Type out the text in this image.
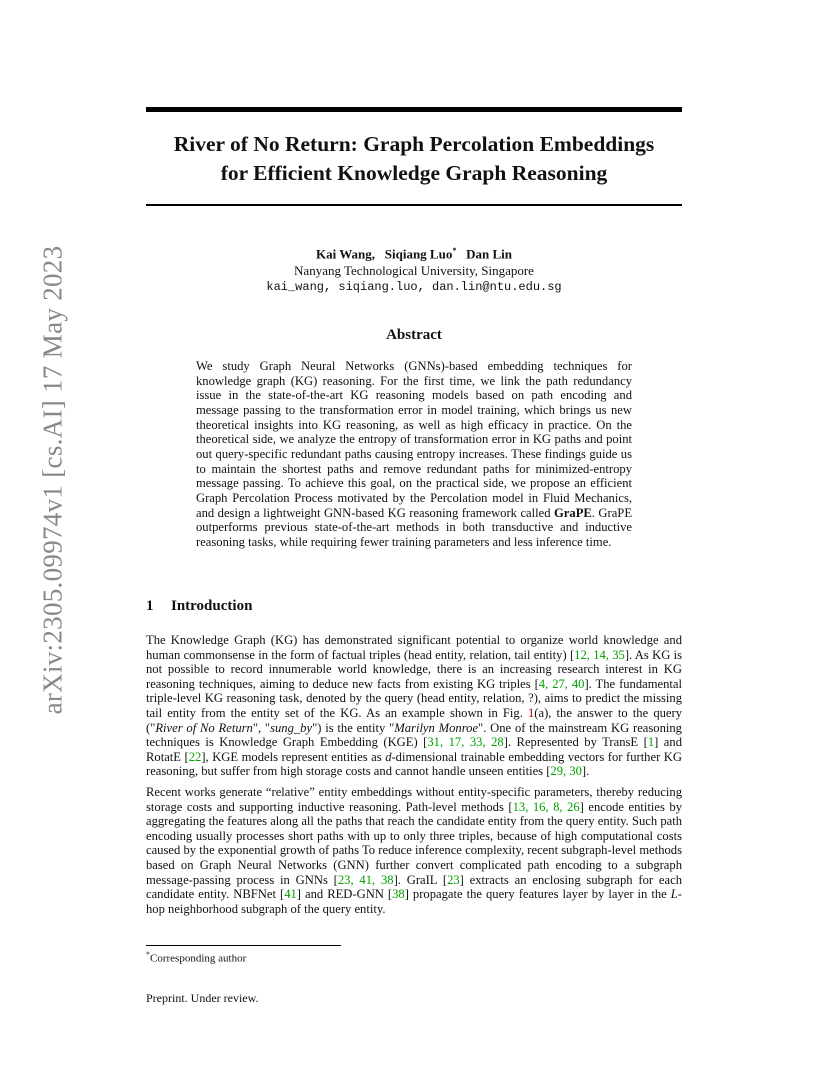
arXiv:2305.09974v1 [cs.AI] 17 May 2023
River of No Return: Graph Percolation Embeddings
for Efficient Knowledge Graph Reasoning
Kai Wang, Siqiang Luo* Dan Lin
Nanyang Technological University, Singapore
kai_wang, siqiang.luo, dan.lin@ntu.edu.sg
Abstract
We study Graph Neural Networks (GNNs)-based embedding techniques for knowledge graph (KG) reasoning. For the first time, we link the path redundancy issue in the state-of-the-art KG reasoning models based on path encoding and message passing to the transformation error in model training, which brings us new theoretical insights into KG reasoning, as well as high efficacy in practice. On the theoretical side, we analyze the entropy of transformation error in KG paths and point out query-specific redundant paths causing entropy increases. These findings guide us to maintain the shortest paths and remove redundant paths for minimized-entropy message passing. To achieve this goal, on the practical side, we propose an efficient Graph Percolation Process motivated by the Percolation model in Fluid Mechanics, and design a lightweight GNN-based KG reasoning framework called GraPE. GraPE outperforms previous state-of-the-art methods in both transductive and inductive reasoning tasks, while requiring fewer training parameters and less inference time.
1 Introduction

The Knowledge Graph (KG) has demonstrated significant potential to organize world knowledge and human commonsense in the form of factual triples (head entity, relation, tail entity) [12, 14, 35]. As KG is not possible to record innumerable world knowledge, there is an increasing research interest in KG reasoning techniques, aiming to deduce new facts from existing KG triples [4, 27, 40]. The fundamental triple-level KG reasoning task, denoted by the query (head entity, relation, ?), aims to predict the missing tail entity from the entity set of the KG. As an example shown in Fig. 1(a), the answer to the query ("River of No Return", "sung_by") is the entity "Marilyn Monroe". One of the mainstream KG reasoning techniques is Knowledge Graph Embedding (KGE) [31, 17, 33, 28]. Represented by TransE [1] and RotatE [22], KGE models represent entities as d-dimensional trainable embedding vectors for further KG reasoning, but suffer from high storage costs and cannot handle unseen entities [29, 30].

Recent works generate “relative” entity embeddings without entity-specific parameters, thereby reducing storage costs and supporting inductive reasoning. Path-level methods [13, 16, 8, 26] encode entities by aggregating the features along all the paths that reach the candidate entity from the query entity. Such path encoding usually processes short paths with up to only three triples, because of high computational costs caused by the exponential growth of paths To reduce inference complexity, recent subgraph-level methods based on Graph Neural Networks (GNN) further convert complicated path encoding to a subgraph message-passing process in GNNs [23, 41, 38]. GraIL [23] extracts an enclosing subgraph for each candidate entity. NBFNet [41] and RED-GNN [38] propagate the query features layer by layer in the L-hop neighborhood subgraph of the query entity.

*Corresponding author
Preprint. Under review.
